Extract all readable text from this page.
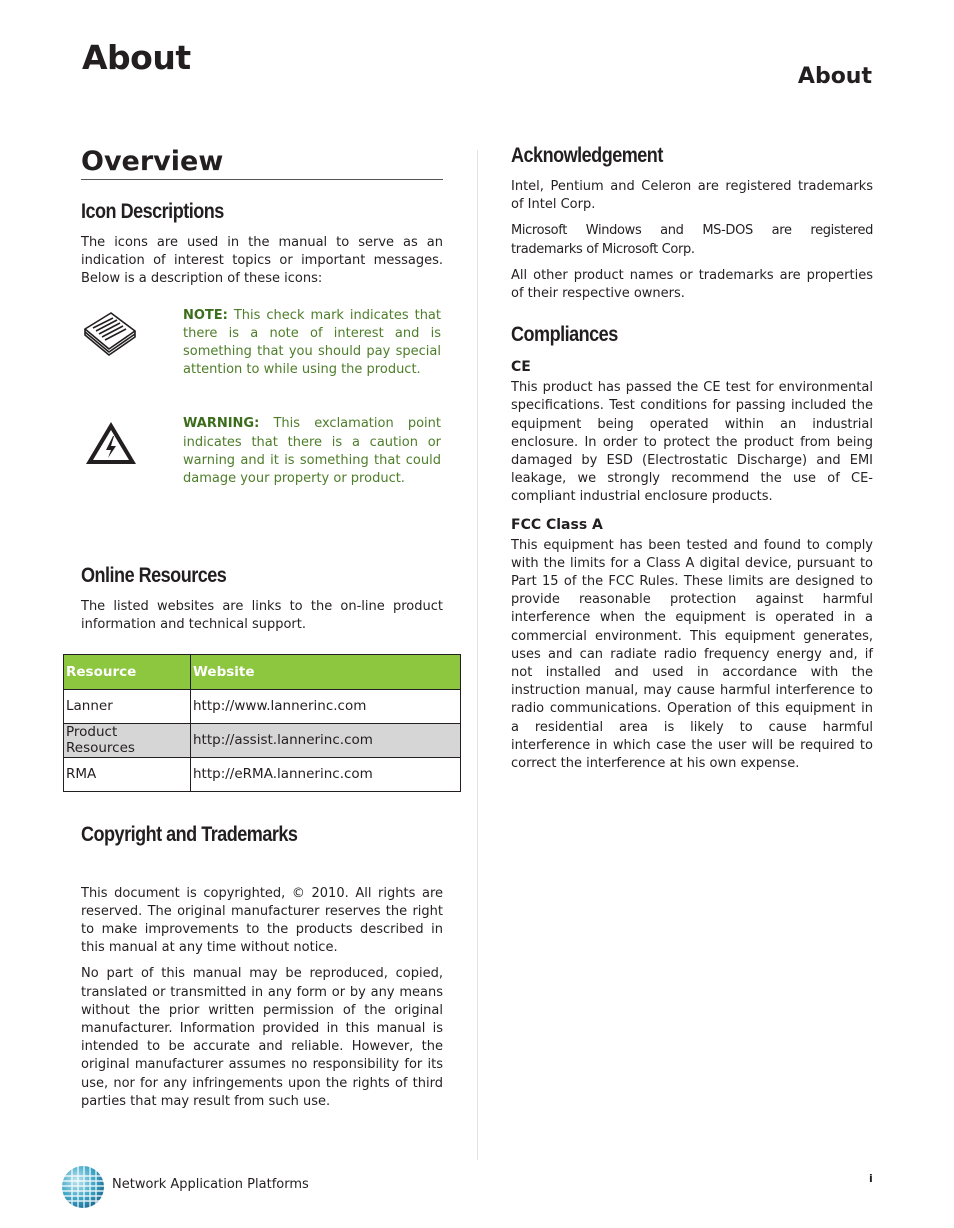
About	About
Overview
Icon Descriptions

The icons are used in the manual to serve as an indication of interest topics or important messages. Below is a description of these icons:

NOTE: This check mark indicates that there is a note of interest and is something that you should pay special attention to while using the product.

WARNING: This exclamation point indicates that there is a caution or warning and it is something that could damage your property or product.

Online Resources

The listed websites are links to the on-line product information and technical support.

Resource	Website
Lanner	http://www.lannerinc.com
Product Resources	http://assist.lannerinc.com
RMA	http://eRMA.lannerinc.com
Copyright and Trademarks

This document is copyrighted, © 2010. All rights are reserved. The original manufacturer reserves the right to make improvements to the products described in this manual at any time without notice.

No part of this manual may be reproduced, copied, translated or transmitted in any form or by any means without the prior written permission of the original manufacturer. Information provided in this manual is intended to be accurate and reliable. However, the original manufacturer assumes no responsibility for its use, nor for any infringements upon the rights of third parties that may result from such use.

Acknowledgement

Intel, Pentium and Celeron are registered trademarks of Intel Corp.

Microsoft Windows and MS-DOS are registered trademarks of Microsoft Corp.

All other product names or trademarks are properties of their respective owners.

Compliances
CE

This product has passed the CE test for environmental specifications. Test conditions for passing included the equipment being operated within an industrial enclosure. In order to protect the product from being damaged by ESD (Electrostatic Discharge) and EMI leakage, we strongly recommend the use of CE-compliant industrial enclosure products.

FCC Class A

This equipment has been tested and found to comply with the limits for a Class A digital device, pursuant to Part 15 of the FCC Rules. These limits are designed to provide reasonable protection against harmful interference when the equipment is operated in a commercial environment. This equipment generates, uses and can radiate radio frequency energy and, if not installed and used in accordance with the instruction manual, may cause harmful interference to radio communications. Operation of this equipment in a residential area is likely to cause harmful interference in which case the user will be required to correct the interference at his own expense.

Network Application Platforms	i
